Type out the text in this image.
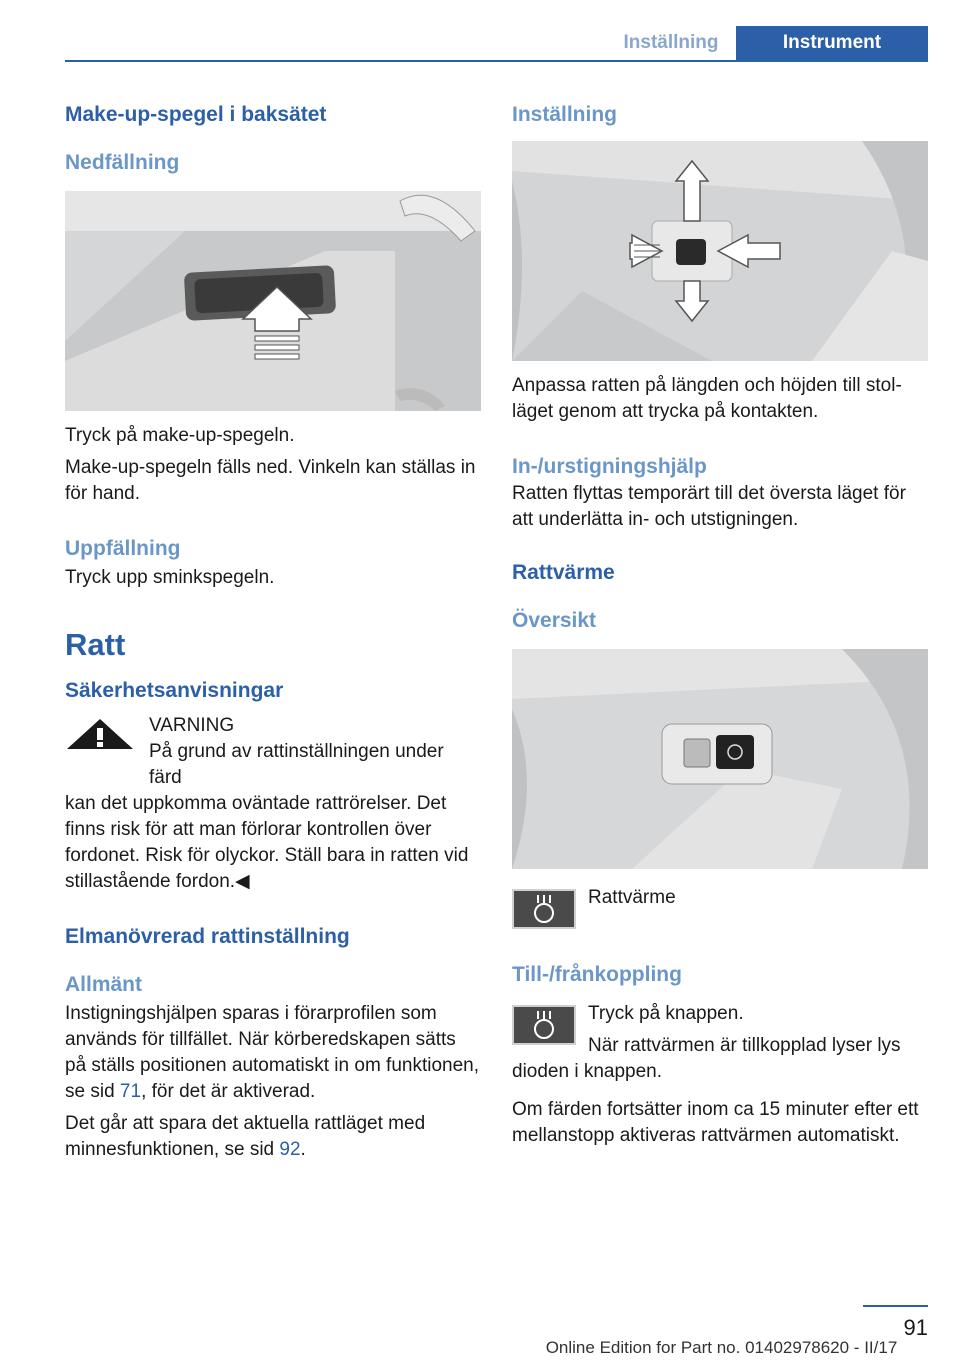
Inställning	Instrument
Make-up-spegel i baksätet
Nedfällning

Tryck på make-up-spegeln.

Make-up-spegeln fälls ned. Vinkeln kan ställas in för hand.

Uppfällning

Tryck upp sminkspegeln.

Ratt
Säkerhetsanvisningar

VARNING

På grund av rattinställningen under färd

kan det uppkomma oväntade rattrörelser. Det finns risk för att man förlorar kontrollen över fordonet. Risk för olyckor. Ställ bara in ratten vid stillastående fordon.◀

Elmanövrerad rattinställning
Allmänt

Instigningshjälpen sparas i förarprofilen som används för tillfället. När körberedskapen sätts på ställs positionen automatiskt in om funktionen, se sid 71, för det är aktiverad.

Det går att spara det aktuella rattläget med minnesfunktionen, se sid 92.

Inställning

Anpassa ratten på längden och höjden till stolläget genom att trycka på kontakten.

In-/urstigningshjälp

Ratten flyttas temporärt till det översta läget för att underlätta in- och utstigningen.

Rattvärme
Översikt
Rattvärme
Till-/frånkoppling

Tryck på knappen.

När rattvärmen är tillkopplad lyser lys

dioden i knappen.

Om färden fortsätter inom ca 15 minuter efter ett mellanstopp aktiveras rattvärmen automatiskt.

91
Online Edition for Part no. 01402978620 - II/17
